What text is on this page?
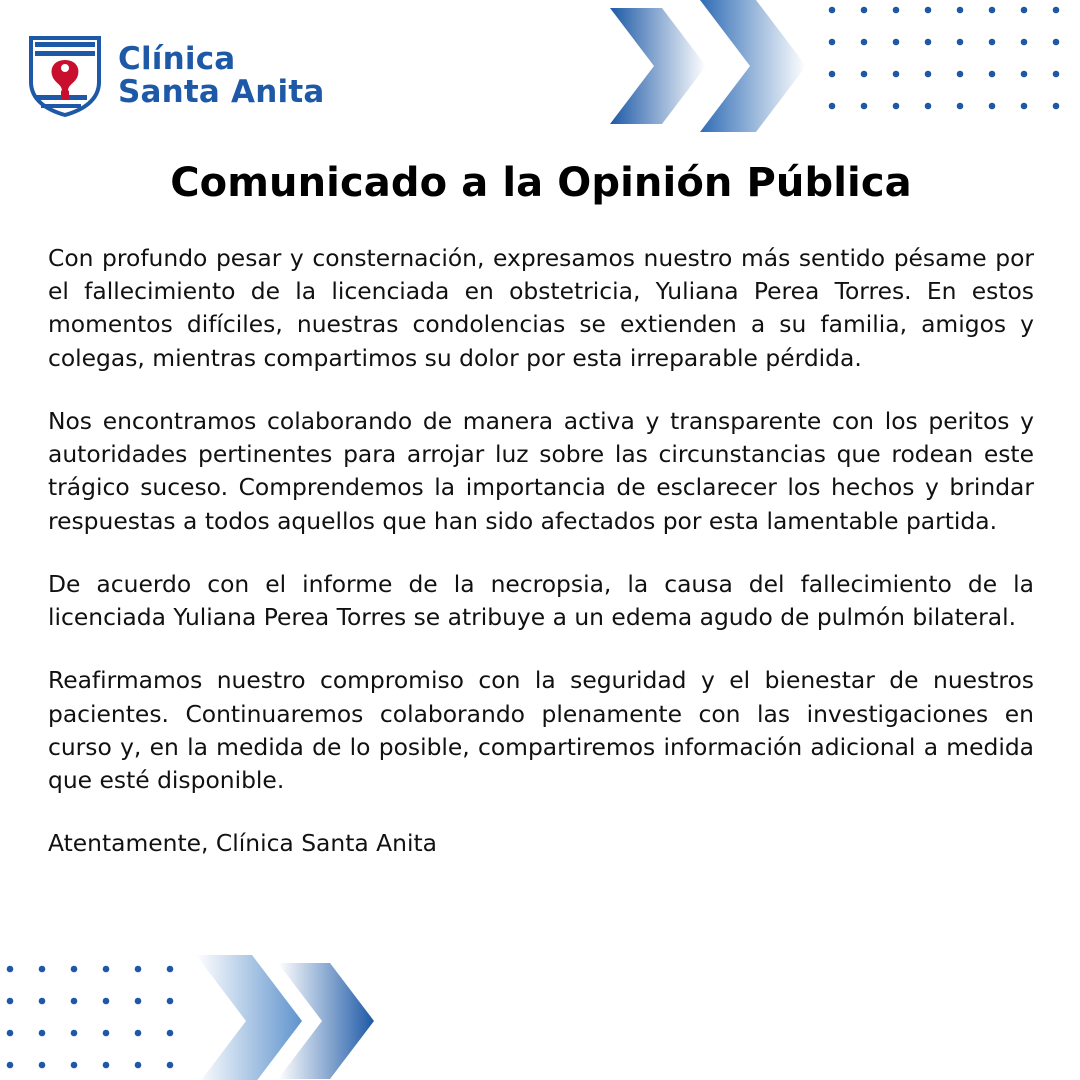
Clínica
Santa Anita
Comunicado a la Opinión Pública

Con profundo pesar y consternación, expresamos nuestro más sentido pésame por el fallecimiento de la licenciada en obstetricia, Yuliana Perea Torres. En estos momentos difíciles, nuestras condolencias se extienden a su familia, amigos y colegas, mientras compartimos su dolor por esta irreparable pérdida.

Nos encontramos colaborando de manera activa y transparente con los peritos y autoridades pertinentes para arrojar luz sobre las circunstancias que rodean este trágico suceso. Comprendemos la importancia de esclarecer los hechos y brindar respuestas a todos aquellos que han sido afectados por esta lamentable partida.

De acuerdo con el informe de la necropsia, la causa del fallecimiento de la licenciada Yuliana Perea Torres se atribuye a un edema agudo de pulmón bilateral.

Reafirmamos nuestro compromiso con la seguridad y el bienestar de nuestros pacientes. Continuaremos colaborando plenamente con las investigaciones en curso y, en la medida de lo posible, compartiremos información adicional a medida que esté disponible.

Atentamente, Clínica Santa Anita
